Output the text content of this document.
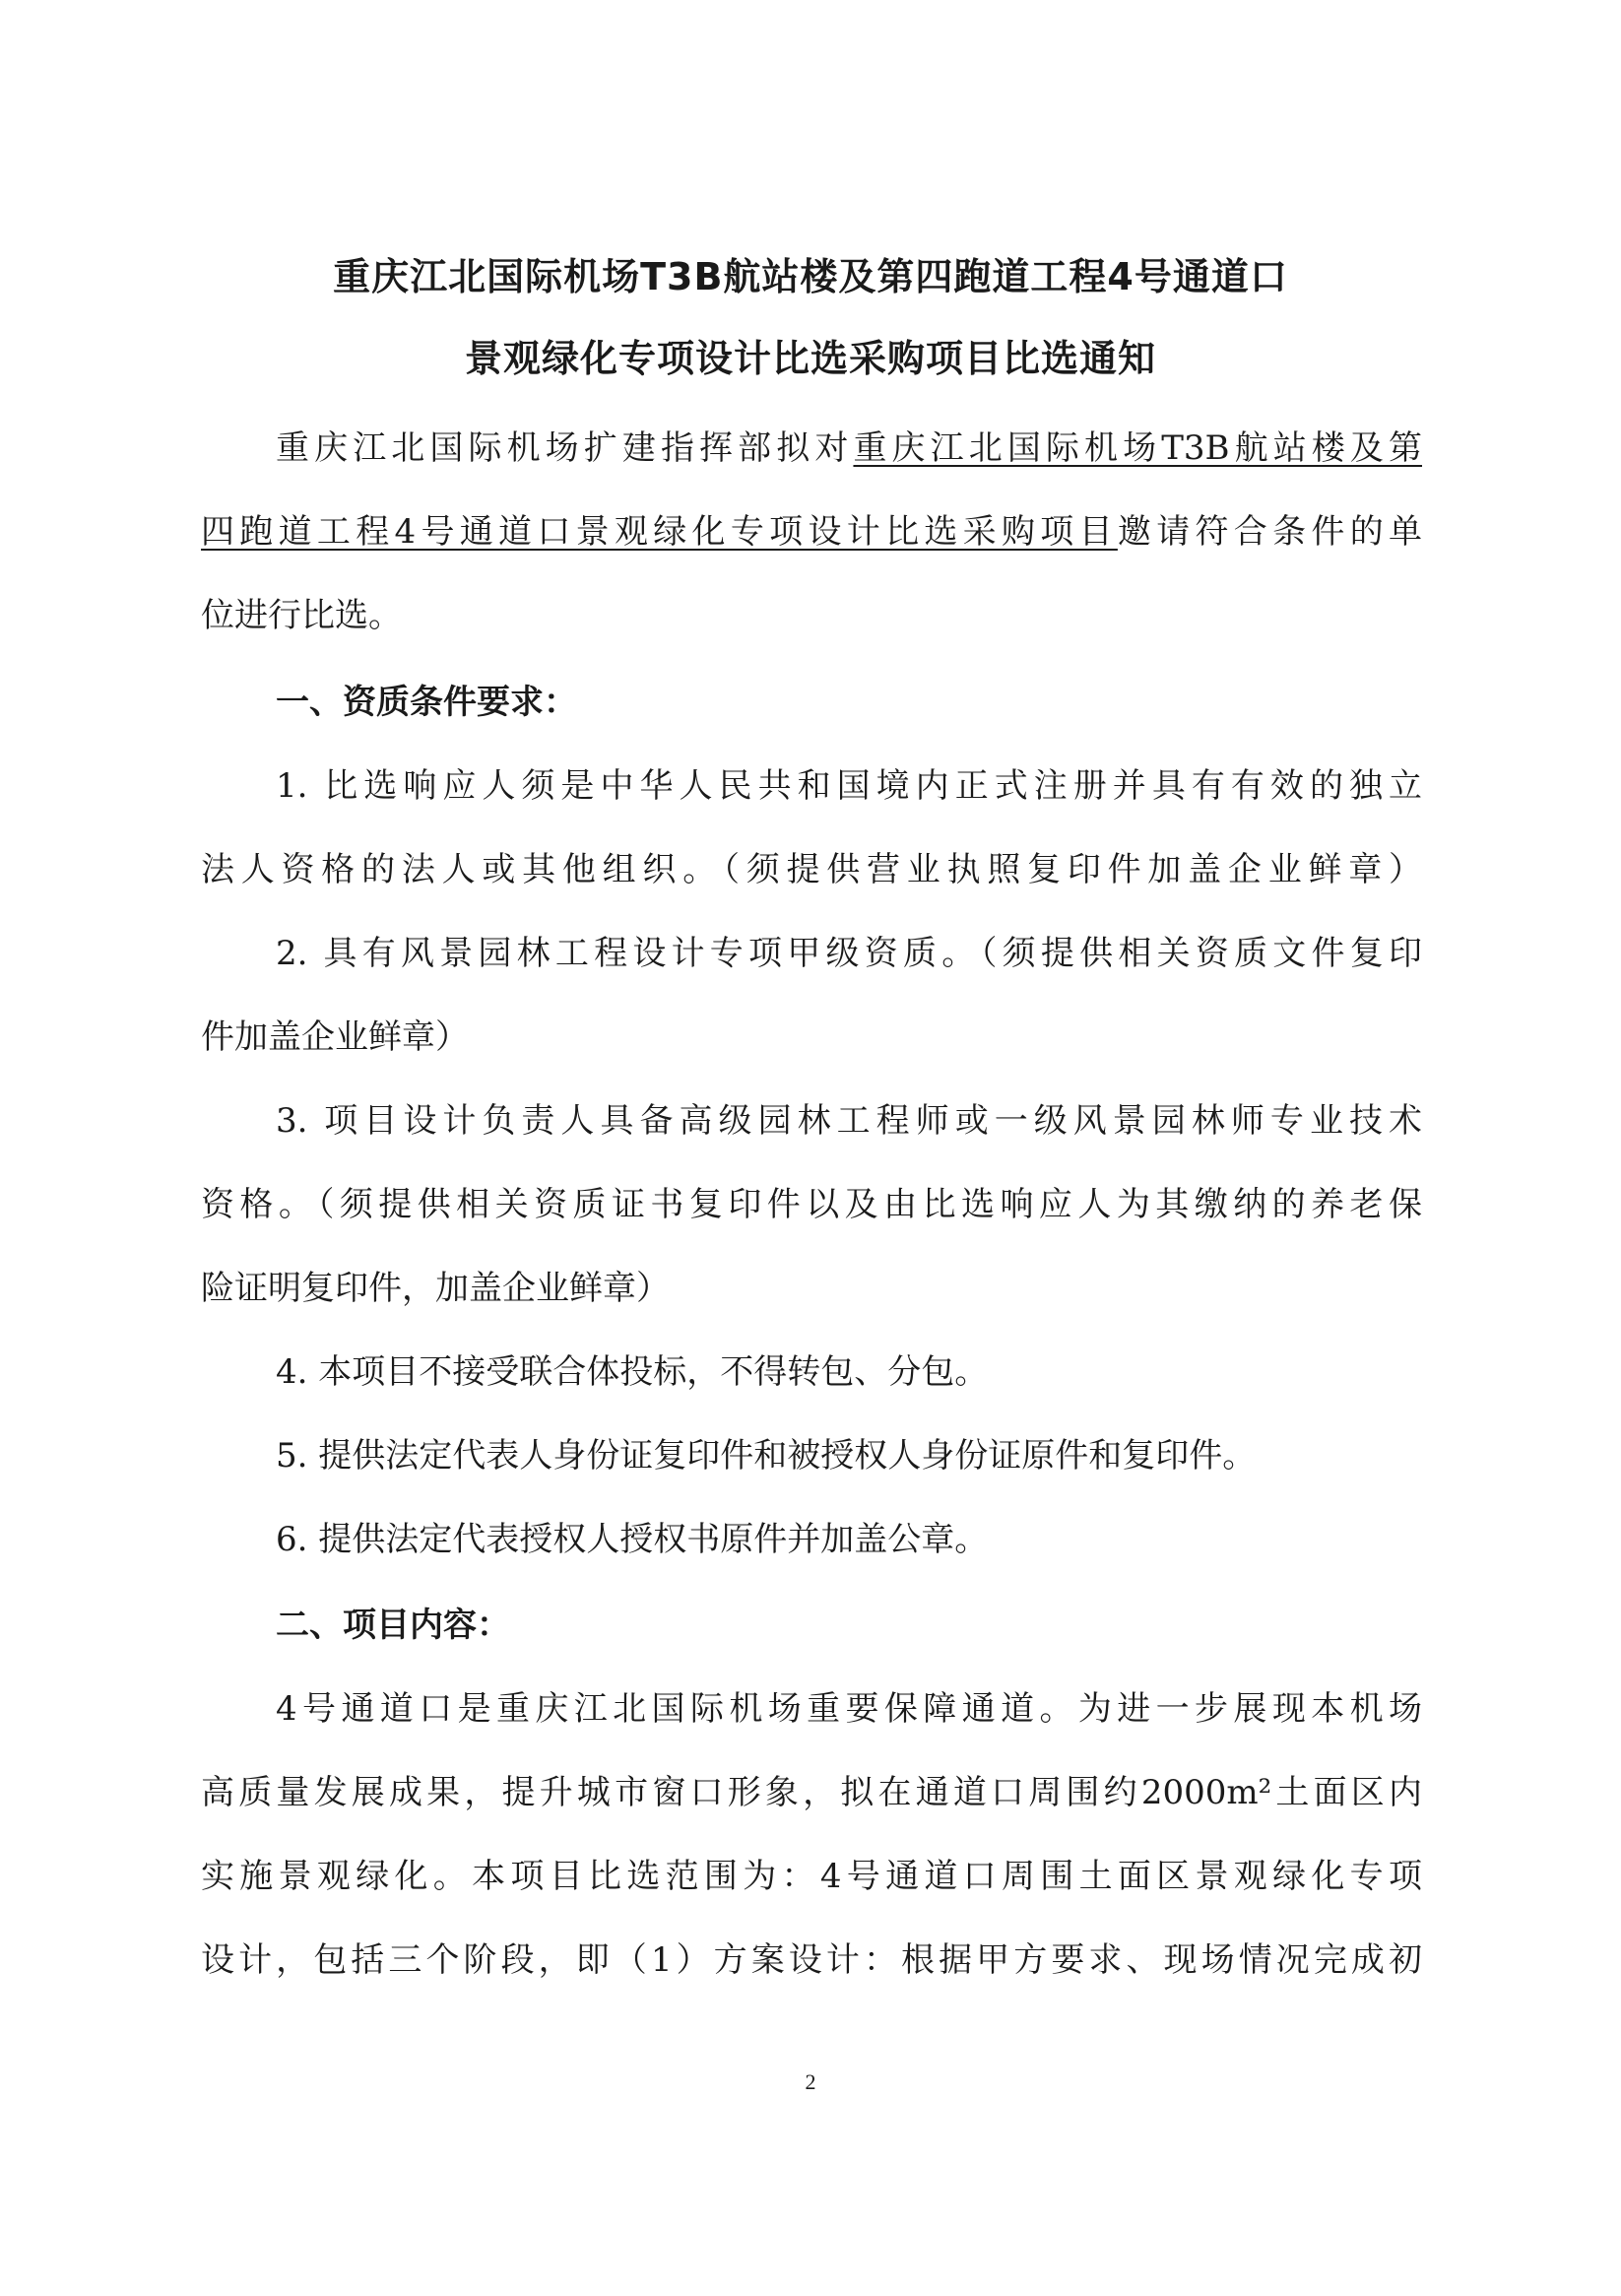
重庆江北国际机场T3B航站楼及第四跑道工程4号通道口
景观绿化专项设计比选采购项目比选通知
重庆江北国际机场扩建指挥部拟对重庆江北国际机场T3B航站楼及第
四跑道工程4号通道口景观绿化专项设计比选采购项目邀请符合条件的单
位进行比选。
一、资质条件要求：
1. 比选响应人须是中华人民共和国境内正式注册并具有有效的独立
法人资格的法人或其他组织。（须提供营业执照复印件加盖企业鲜章）
2. 具有风景园林工程设计专项甲级资质。（须提供相关资质文件复印
件加盖企业鲜章）
3. 项目设计负责人具备高级园林工程师或一级风景园林师专业技术
资格。（须提供相关资质证书复印件以及由比选响应人为其缴纳的养老保
险证明复印件，加盖企业鲜章）
4. 本项目不接受联合体投标，不得转包、分包。
5. 提供法定代表人身份证复印件和被授权人身份证原件和复印件。
6. 提供法定代表授权人授权书原件并加盖公章。
二、项目内容：
4号通道口是重庆江北国际机场重要保障通道。为进一步展现本机场
高质量发展成果，提升城市窗口形象，拟在通道口周围约2000m²土面区内
实施景观绿化。本项目比选范围为：4号通道口周围土面区景观绿化专项
设计，包括三个阶段，即（1）方案设计：根据甲方要求、现场情况完成初
2
